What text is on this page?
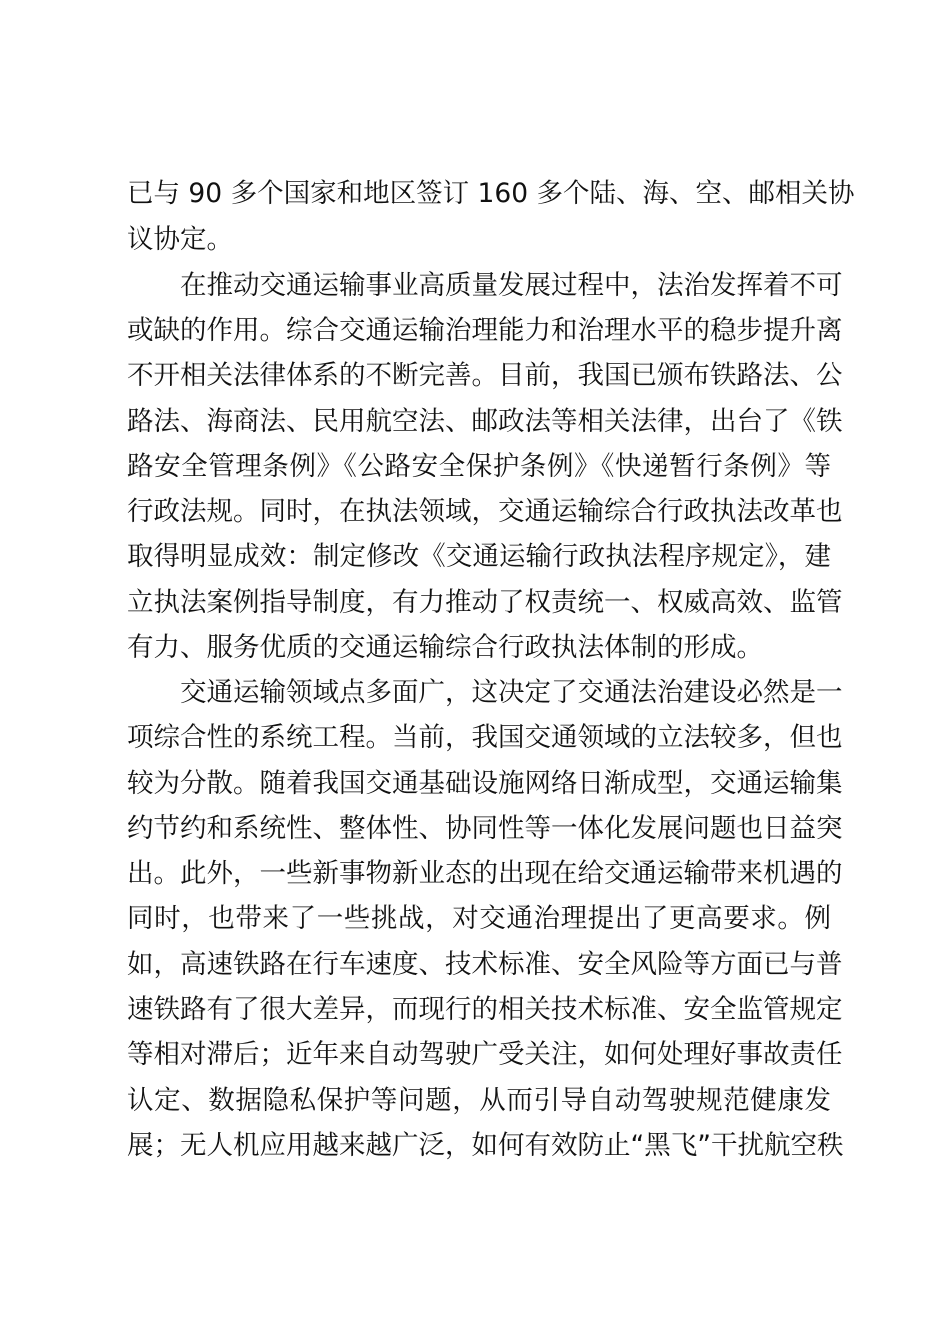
已与 90 多个国家和地区签订 160 多个陆、海、空、邮相关协
议协定。
在推动交通运输事业高质量发展过程中，法治发挥着不可
或缺的作用。综合交通运输治理能力和治理水平的稳步提升离
不开相关法律体系的不断完善。目前，我国已颁布铁路法、公
路法、海商法、民用航空法、邮政法等相关法律，出台了《铁
路安全管理条例》《公路安全保护条例》《快递暂行条例》等
行政法规。同时，在执法领域，交通运输综合行政执法改革也
取得明显成效：制定修改《交通运输行政执法程序规定》，建
立执法案例指导制度，有力推动了权责统一、权威高效、监管
有力、服务优质的交通运输综合行政执法体制的形成。
交通运输领域点多面广，这决定了交通法治建设必然是一
项综合性的系统工程。当前，我国交通领域的立法较多，但也
较为分散。随着我国交通基础设施网络日渐成型，交通运输集
约节约和系统性、整体性、协同性等一体化发展问题也日益突
出。此外，一些新事物新业态的出现在给交通运输带来机遇的
同时，也带来了一些挑战，对交通治理提出了更高要求。例
如，高速铁路在行车速度、技术标准、安全风险等方面已与普
速铁路有了很大差异，而现行的相关技术标准、安全监管规定
等相对滞后；近年来自动驾驶广受关注，如何处理好事故责任
认定、数据隐私保护等问题，从而引导自动驾驶规范健康发
展；无人机应用越来越广泛，如何有效防止“黑飞”干扰航空秩
